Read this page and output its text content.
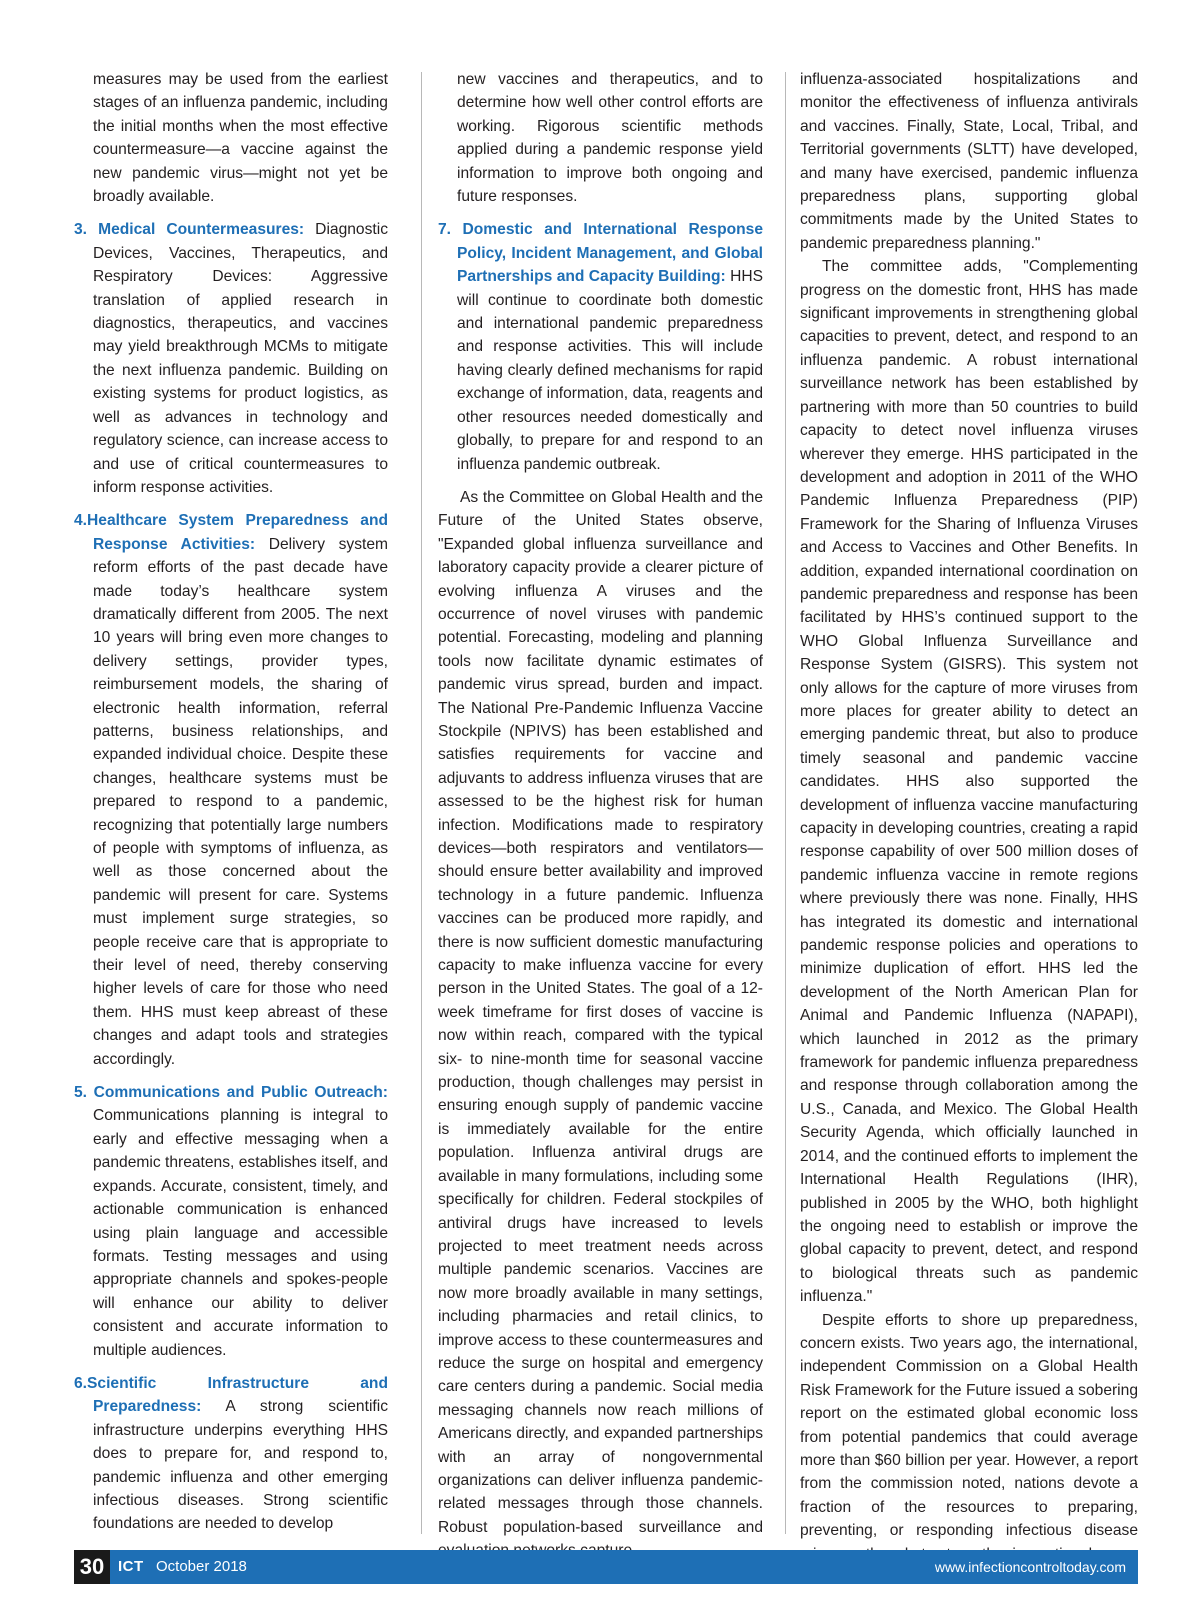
measures may be used from the earliest stages of an influenza pandemic, including the initial months when the most effective countermeasure—a vaccine against the new pandemic virus—might not yet be broadly available.

3. Medical Countermeasures: Diagnostic Devices, Vaccines, Therapeutics, and Respiratory Devices: Aggressive translation of applied research in diagnostics, therapeutics, and vaccines may yield breakthrough MCMs to mitigate the next influenza pandemic. Building on existing systems for product logistics, as well as advances in technology and regulatory science, can increase access to and use of critical countermeasures to inform response activities.

4.Healthcare System Preparedness and Response Activities: Delivery system reform efforts of the past decade have made today’s healthcare system dramatically different from 2005. The next 10 years will bring even more changes to delivery settings, provider types, reimbursement models, the sharing of electronic health information, referral patterns, business relationships, and expanded individual choice. Despite these changes, healthcare systems must be prepared to respond to a pandemic, recognizing that potentially large numbers of people with symptoms of influenza, as well as those concerned about the pandemic will present for care. Systems must implement surge strategies, so people receive care that is appropriate to their level of need, thereby conserving higher levels of care for those who need them. HHS must keep abreast of these changes and adapt tools and strategies accordingly.

5. Communications and Public Outreach: Communications planning is integral to early and effective messaging when a pandemic threatens, establishes itself, and expands. Accurate, consistent, timely, and actionable communication is enhanced using plain language and accessible formats. Testing messages and using appropriate channels and spokes-people will enhance our ability to deliver consistent and accurate information to multiple audiences.

6.Scientific Infrastructure and Preparedness: A strong scientific infrastructure underpins everything HHS does to prepare for, and respond to, pandemic influenza and other emerging infectious diseases. Strong scientific foundations are needed to develop

new vaccines and therapeutics, and to determine how well other control efforts are working. Rigorous scientific methods applied during a pandemic response yield information to improve both ongoing and future responses.

7. Domestic and International Response Policy, Incident Management, and Global Partnerships and Capacity Building: HHS will continue to coordinate both domestic and international pandemic preparedness and response activities. This will include having clearly defined mechanisms for rapid exchange of information, data, reagents and other resources needed domestically and globally, to prepare for and respond to an influenza pandemic outbreak.

As the Committee on Global Health and the Future of the United States observe, "Expanded global influenza surveillance and laboratory capacity provide a clearer picture of evolving influenza A viruses and the occurrence of novel viruses with pandemic potential. Forecasting, modeling and planning tools now facilitate dynamic estimates of pandemic virus spread, burden and impact. The National Pre-Pandemic Influenza Vaccine Stockpile (NPIVS) has been established and satisfies requirements for vaccine and adjuvants to address influenza viruses that are assessed to be the highest risk for human infection. Modifications made to respiratory devices—both respirators and ventilators—should ensure better availability and improved technology in a future pandemic. Influenza vaccines can be produced more rapidly, and there is now sufficient domestic manufacturing capacity to make influenza vaccine for every person in the United States. The goal of a 12-week timeframe for first doses of vaccine is now within reach, compared with the typical six- to nine-month time for seasonal vaccine production, though challenges may persist in ensuring enough supply of pandemic vaccine is immediately available for the entire population. Influenza antiviral drugs are available in many formulations, including some specifically for children. Federal stockpiles of antiviral drugs have increased to levels projected to meet treatment needs across multiple pandemic scenarios. Vaccines are now more broadly available in many settings, including pharmacies and retail clinics, to improve access to these countermeasures and reduce the surge on hospital and emergency care centers during a pandemic. Social media messaging channels now reach millions of Americans directly, and expanded partnerships with an array of nongovernmental organizations can deliver influenza pandemic-related messages through those channels. Robust population-based surveillance and

influenza-associated hospitalizations and monitor the effectiveness of influenza antivirals and vaccines. Finally, State, Local, Tribal, and Territorial governments (SLTT) have developed, and many have exercised, pandemic influenza preparedness plans, supporting global commitments made by the United States to pandemic preparedness planning."

The committee adds, "Complementing progress on the domestic front, HHS has made significant improvements in strengthening global capacities to prevent, detect, and respond to an influenza pandemic. A robust international surveillance network has been established by partnering with more than 50 countries to build capacity to detect novel influenza viruses wherever they emerge. HHS participated in the development and adoption in 2011 of the WHO Pandemic Influenza Preparedness (PIP) Framework for the Sharing of Influenza Viruses and Access to Vaccines and Other Benefits. In addition, expanded international coordination on pandemic preparedness and response has been facilitated by HHS’s continued support to the WHO Global Influenza Surveillance and Response System (GISRS). This system not only allows for the capture of more viruses from more places for greater ability to detect an emerging pandemic threat, but also to produce timely seasonal and pandemic vaccine candidates. HHS also supported the development of influenza vaccine manufacturing capacity in developing countries, creating a rapid response capability of over 500 million doses of pandemic influenza vaccine in remote regions where previously there was none. Finally, HHS has integrated its domestic and international pandemic response policies and operations to minimize duplication of effort. HHS led the development of the North American Plan for Animal and Pandemic Influenza (NAPAPI), which launched in 2012 as the primary framework for pandemic influenza preparedness and response through collaboration among the U.S., Canada, and Mexico. The Global Health Security Agenda, which officially launched in 2014, and the continued efforts to implement the International Health Regulations (IHR), published in 2005 by the WHO, both highlight the ongoing need to establish or improve the global capacity to prevent, detect, and respond to biological threats such as pandemic influenza."

Despite efforts to shore up preparedness, concern exists. Two years ago, the international, independent Commission on a Global Health Risk Framework for the Future issued a sobering report on the estimated global economic loss from potential pandemics that could average more than $60 billion per year. However, a report from the commission noted, nations devote a fraction of the resources to preparing, preventing, or responding infectious disease

30 ICT October 2018	www.infectioncontroltoday.com
